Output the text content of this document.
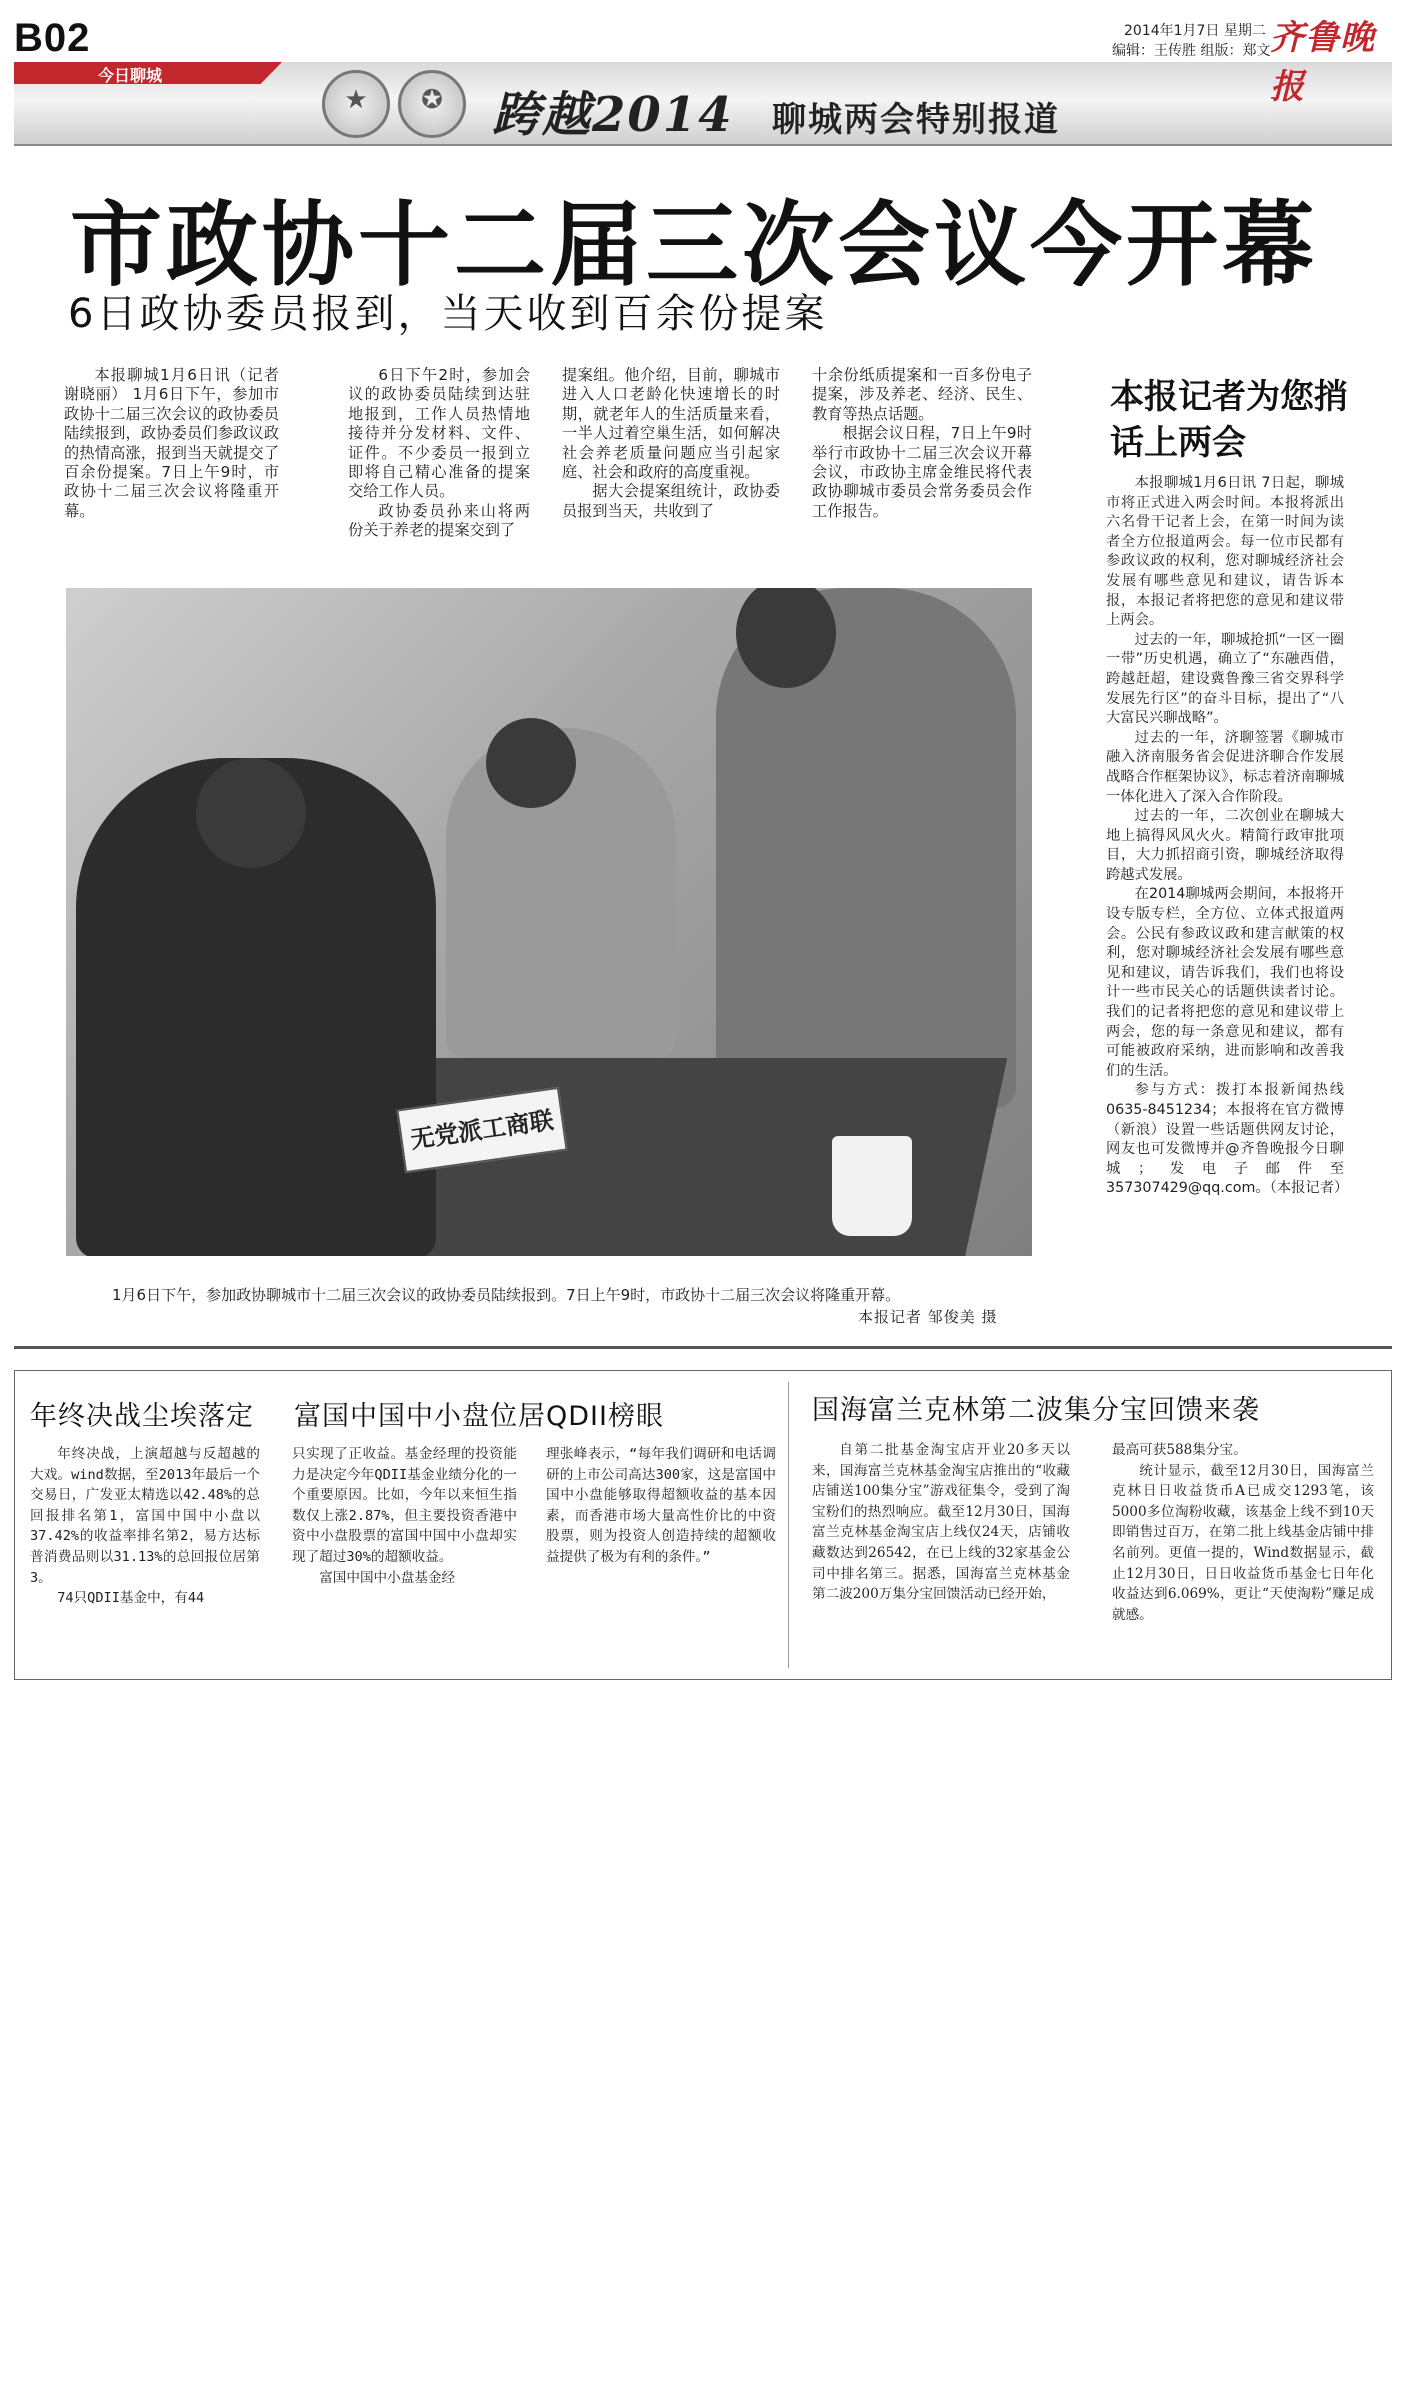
B02
今日聊城
2014年1月7日 星期二
编辑：王传胜 组版：郑文 齐鲁晚报
★	✪	跨越2014 聊城两会特别报道
市政协十二届三次会议今开幕
6日政协委员报到，当天收到百余份提案

本报聊城1月6日讯（记者 谢晓丽） 1月6日下午，参加市政协十二届三次会议的政协委员陆续报到，政协委员们参政议政的热情高涨，报到当天就提交了百余份提案。7日上午9时，市政协十二届三次会议将隆重开幕。

6日下午2时，参加会议的政协委员陆续到达驻地报到，工作人员热情地接待并分发材料、文件、证件。不少委员一报到立即将自己精心准备的提案交给工作人员。

政协委员孙来山将两份关于养老的提案交到了

提案组。他介绍，目前，聊城市进入人口老龄化快速增长的时期，就老年人的生活质量来看，一半人过着空巢生活，如何解决社会养老质量问题应当引起家庭、社会和政府的高度重视。

据大会提案组统计，政协委员报到当天，共收到了

十余份纸质提案和一百多份电子提案，涉及养老、经济、民生、教育等热点话题。

根据会议日程，7日上午9时举行市政协十二届三次会议开幕会议，市政协主席金维民将代表政协聊城市委员会常务委员会作工作报告。

本报记者为您捎话上两会

本报聊城1月6日讯 7日起，聊城市将正式进入两会时间。本报将派出六名骨干记者上会，在第一时间为读者全方位报道两会。每一位市民都有参政议政的权利，您对聊城经济社会发展有哪些意见和建议，请告诉本报，本报记者将把您的意见和建议带上两会。

过去的一年，聊城抢抓“一区一圈一带”历史机遇，确立了“东融西借，跨越赶超，建设冀鲁豫三省交界科学发展先行区”的奋斗目标，提出了“八大富民兴聊战略”。

过去的一年，济聊签署《聊城市融入济南服务省会促进济聊合作发展战略合作框架协议》，标志着济南聊城一体化进入了深入合作阶段。

过去的一年，二次创业在聊城大地上搞得风风火火。精简行政审批项目，大力抓招商引资，聊城经济取得跨越式发展。

在2014聊城两会期间，本报将开设专版专栏，全方位、立体式报道两会。公民有参政议政和建言献策的权利，您对聊城经济社会发展有哪些意见和建议，请告诉我们，我们也将设计一些市民关心的话题供读者讨论。我们的记者将把您的意见和建议带上两会，您的每一条意见和建议，都有可能被政府采纳，进而影响和改善我们的生活。

参与方式：拨打本报新闻热线0635-8451234；本报将在官方微博（新浪）设置一些话题供网友讨论，网友也可发微博并@齐鲁晚报今日聊城；发电子邮件至357307429@qq.com。（本报记者）

无党派工商联
1月6日下午，参加政协聊城市十二届三次会议的政协委员陆续报到。7日上午9时，市政协十二届三次会议将隆重开幕。
本报记者 邹俊美 摄
年终决战尘埃落定 富国中国中小盘位居QDII榜眼	国海富兰克林第二波集分宝回馈来袭

年终决战，上演超越与反超越的大戏。wind数据，至2013年最后一个交易日，广发亚太精选以42.48%的总回报排名第1，富国中国中小盘以37.42%的收益率排名第2，易方达标普消费品则以31.13%的总回报位居第3。

74只QDII基金中，有44

只实现了正收益。基金经理的投资能力是决定今年QDII基金业绩分化的一个重要原因。比如，今年以来恒生指数仅上涨2.87%，但主要投资香港中资中小盘股票的富国中国中小盘却实现了超过30%的超额收益。

富国中国中小盘基金经

理张峰表示，“每年我们调研和电话调研的上市公司高达300家，这是富国中国中小盘能够取得超额收益的基本因素，而香港市场大量高性价比的中资股票，则为投资人创造持续的超额收益提供了极为有利的条件。”

自第二批基金淘宝店开业20多天以来，国海富兰克林基金淘宝店推出的“收藏店铺送100集分宝”游戏征集令，受到了淘宝粉们的热烈响应。截至12月30日，国海富兰克林基金淘宝店上线仅24天，店铺收藏数达到26542，在已上线的32家基金公司中排名第三。据悉，国海富兰克林基金第二波200万集分宝回馈活动已经开始，

最高可获588集分宝。

统计显示，截至12月30日，国海富兰克林日日收益货币A已成交1293笔，该5000多位淘粉收藏，该基金上线不到10天即销售过百万，在第二批上线基金店铺中排名前列。更值一提的，Wind数据显示，截止12月30日，日日收益货币基金七日年化收益达到6.069%，更让“天使淘粉”赚足成就感。
